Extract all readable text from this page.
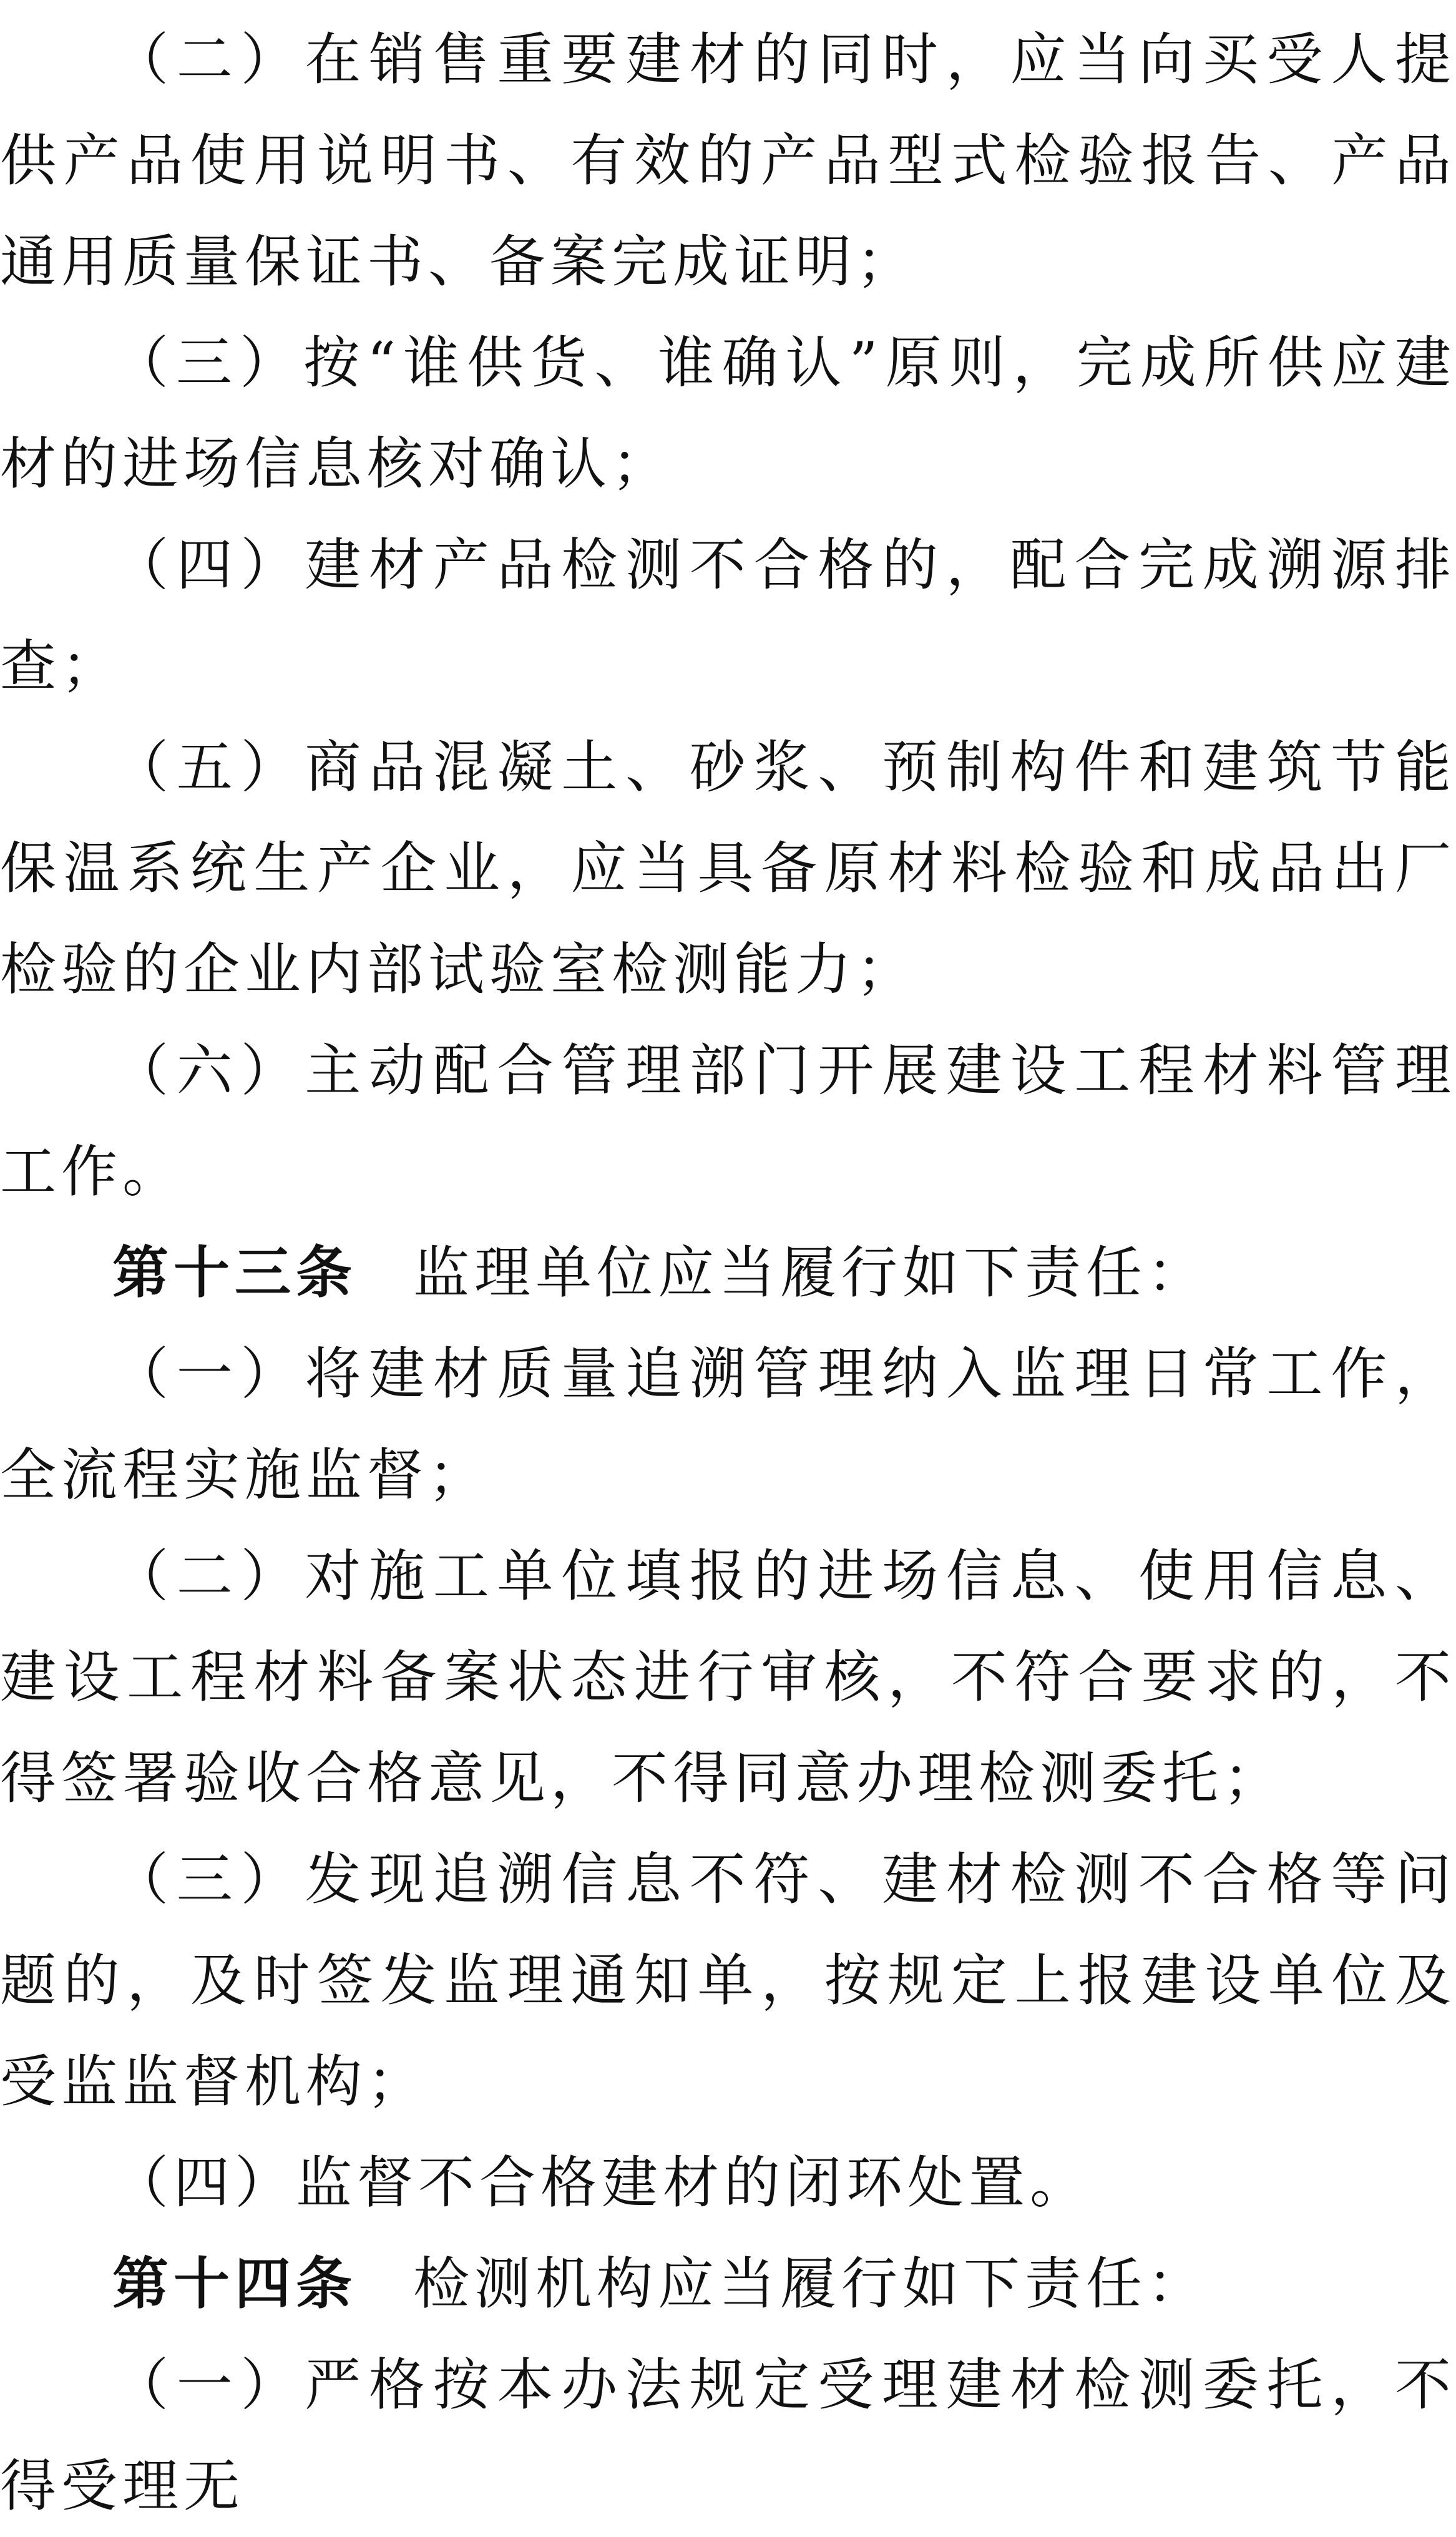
（二）在销售重要建材的同时，应当向买受人提供产品使用说明书、有效的产品型式检验报告、产品通用质量保证书、备案完成证明；

（三）按“谁供货、谁确认”原则，完成所供应建材的进场信息核对确认；

（四）建材产品检测不合格的，配合完成溯源排查；

（五）商品混凝土、砂浆、预制构件和建筑节能保温系统生产企业，应当具备原材料检验和成品出厂检验的企业内部试验室检测能力；

（六）主动配合管理部门开展建设工程材料管理工作。

第十三条 监理单位应当履行如下责任：

（一）将建材质量追溯管理纳入监理日常工作，全流程实施监督；

（二）对施工单位填报的进场信息、使用信息、建设工程材料备案状态进行审核，不符合要求的，不得签署验收合格意见，不得同意办理检测委托；

（三）发现追溯信息不符、建材检测不合格等问题的，及时签发监理通知单，按规定上报建设单位及受监监督机构；

（四）监督不合格建材的闭环处置。

第十四条 检测机构应当履行如下责任：

（一）严格按本办法规定受理建材检测委托，不得受理无
